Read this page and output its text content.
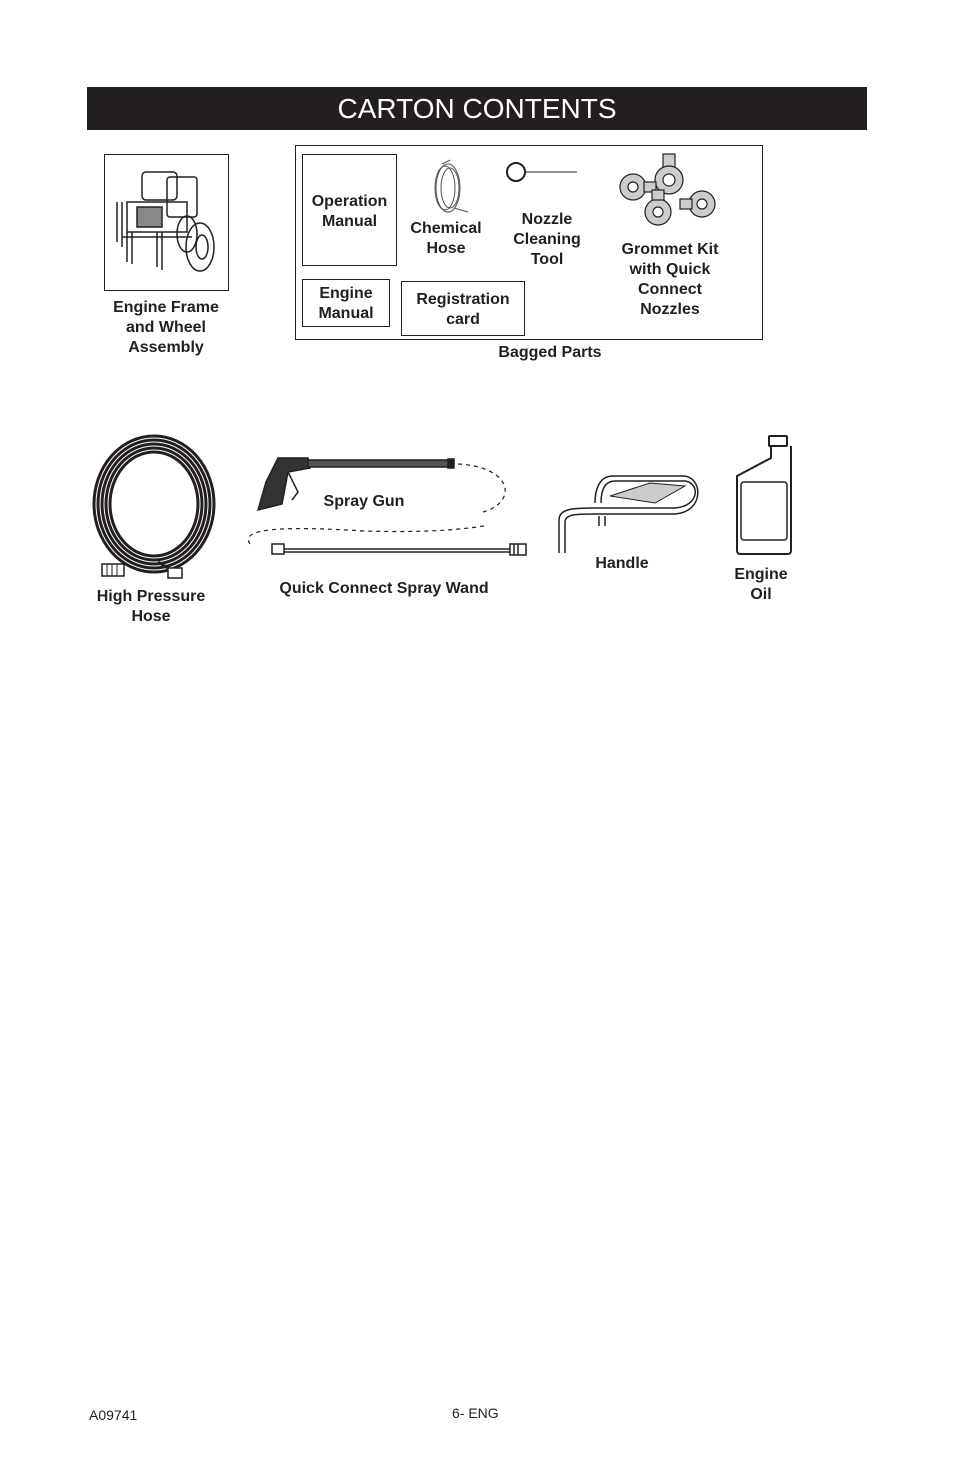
CARTON CONTENTS
Engine Frame
and Wheel
Assembly
Operation
Manual
Engine
Manual
Registration
card
Chemical
Hose
Nozzle
Cleaning
Tool
Grommet Kit
with Quick
Connect
Nozzles
Bagged Parts
High Pressure
Hose
Spray Gun
Quick Connect Spray Wand
Handle
Engine
Oil
A09741	6- ENG
